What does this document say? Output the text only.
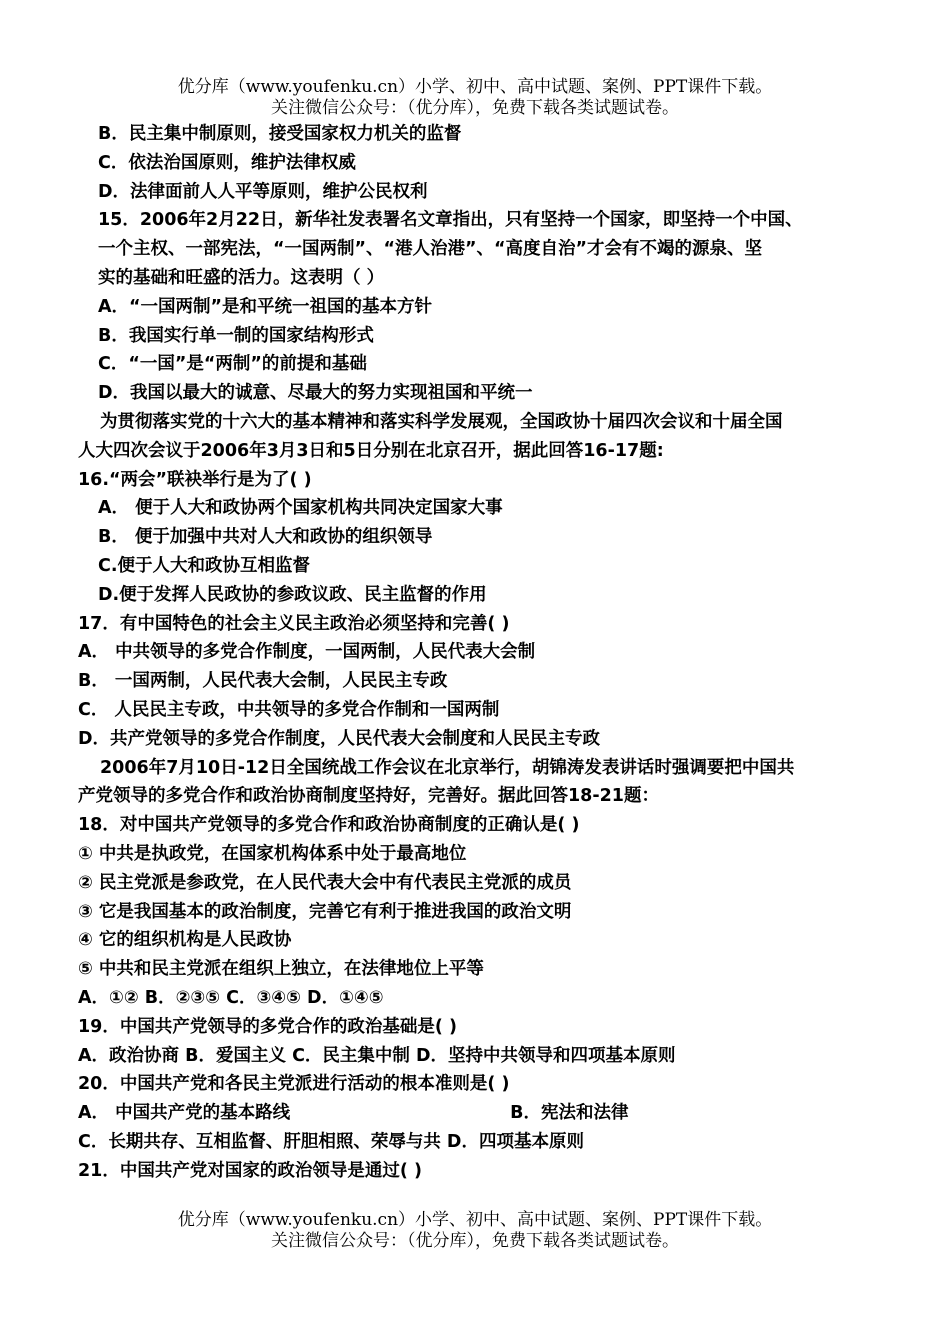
优分库（www.youfenku.cn）小学、初中、高中试题、案例、PPT课件下载。
关注微信公众号：（优分库），免费下载各类试题试卷。
B．民主集中制原则，接受国家权力机关的监督
C．依法治国原则，维护法律权威
D．法律面前人人平等原则，维护公民权利
15．2006年2月22日，新华社发表署名文章指出，只有坚持一个国家，即坚持一个中国、
一个主权、一部宪法，“一国两制”、“港人治港”、“高度自治”才会有不竭的源泉、坚
实的基础和旺盛的活力。这表明（ ）
A．“一国两制”是和平统一祖国的基本方针
B．我国实行单一制的国家结构形式
C．“一国”是“两制”的前提和基础
D．我国以最大的诚意、尽最大的努力实现祖国和平统一
为贯彻落实党的十六大的基本精神和落实科学发展观，全国政协十届四次会议和十届全国
人大四次会议于2006年3月3日和5日分别在北京召开，据此回答16-17题:
16.“两会”联袂举行是为了( )
A． 便于人大和政协两个国家机构共同决定国家大事
B． 便于加强中共对人大和政协的组织领导
C.便于人大和政协互相监督
D.便于发挥人民政协的参政议政、民主监督的作用
17．有中国特色的社会主义民主政治必须坚持和完善( )
A． 中共领导的多党合作制度，一国两制，人民代表大会制
B． 一国两制，人民代表大会制，人民民主专政
C． 人民民主专政，中共领导的多党合作制和一国两制
D．共产党领导的多党合作制度，人民代表大会制度和人民民主专政
2006年7月10日-12日全国统战工作会议在北京举行，胡锦涛发表讲话时强调要把中国共
产党领导的多党合作和政治协商制度坚持好，完善好。据此回答18-21题：
18．对中国共产党领导的多党合作和政治协商制度的正确认是( )
① 中共是执政党，在国家机构体系中处于最高地位
② 民主党派是参政党，在人民代表大会中有代表民主党派的成员
③ 它是我国基本的政治制度，完善它有利于推进我国的政治文明
④ 它的组织机构是人民政协
⑤ 中共和民主党派在组织上独立，在法律地位上平等
A．①② B．②③⑤ C．③④⑤ D．①④⑤
19．中国共产党领导的多党合作的政治基础是( )
A．政治协商 B．爱国主义 C．民主集中制 D．坚持中共领导和四项基本原则
20．中国共产党和各民主党派进行活动的根本准则是( )
A． 中国共产党的基本路线	B．宪法和法律
C．长期共存、互相监督、肝胆相照、荣辱与共 D．四项基本原则
21．中国共产党对国家的政治领导是通过( )
优分库（www.youfenku.cn）小学、初中、高中试题、案例、PPT课件下载。
关注微信公众号：（优分库），免费下载各类试题试卷。
